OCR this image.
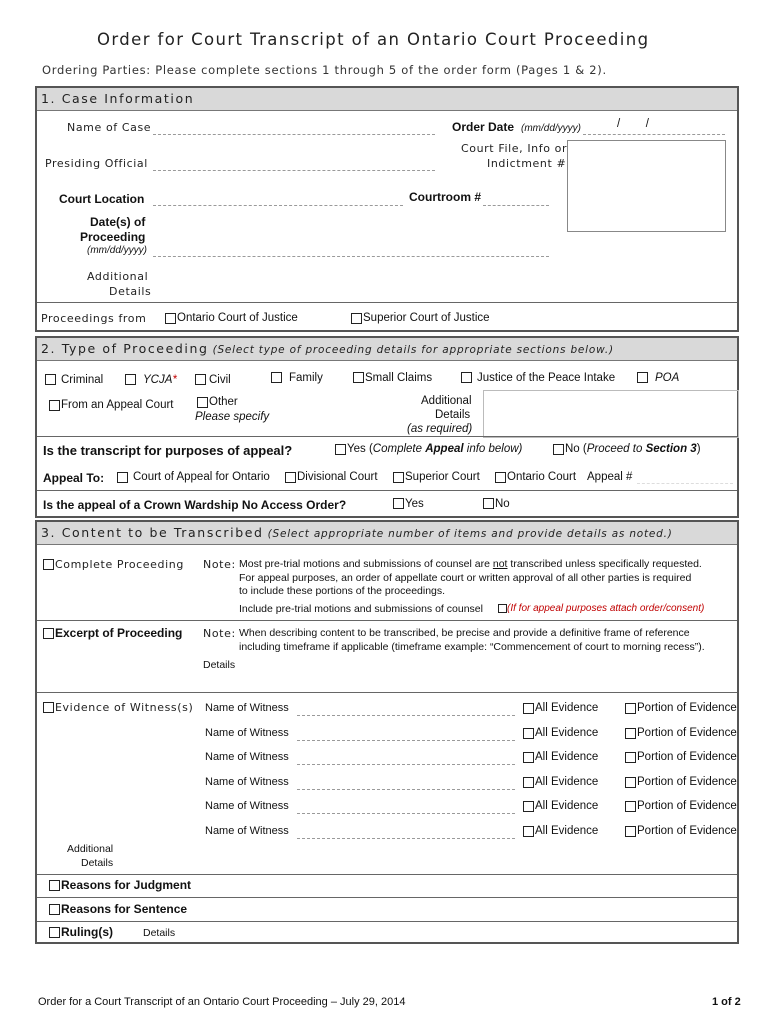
Order for Court Transcript of an Ontario Court Proceeding
Ordering Parties: Please complete sections 1 through 5 of the order form (Pages 1 & 2).
1. Case Information
Name of Case	Order Date (mm/dd/yyyy)	/        /
Court File, Info or
Indictment #
Presiding Official
Court Location	Courtroom #
Date(s) of
Proceeding
(mm/dd/yyyy)
Additional
Details
Proceedings from	Ontario Court of Justice	Superior Court of Justice
2. Type of Proceeding (Select type of proceeding details for appropriate sections below.)
Criminal	YCJA*	Civil	Family	Small Claims	Justice of the Peace Intake	POA
From an Appeal Court	Other
Please specify
Additional
Details
(as required)
Is the transcript for purposes of appeal?	Yes (Complete Appeal info below)	No (Proceed to Section 3)
Appeal To:	Court of Appeal for Ontario Divisional Court Superior Court Ontario Court Appeal #
Is the appeal of a Crown Wardship No Access Order?	Yes	No
3. Content to be Transcribed (Select appropriate number of items and provide details as noted.)
Complete Proceeding Note: Most pre-trial motions and submissions of counsel are not transcribed unless specifically requested.
For appeal purposes, an order of appellate court or written approval of all other parties is required
to include these portions of the proceedings.
Include pre-trial motions and submissions of counsel (If for appeal purposes attach order/consent)
Excerpt of Proceeding Note: When describing content to be transcribed, be precise and provide a definitive frame of reference
including timeframe if applicable (timeframe example: “Commencement of court to morning recess”).
Details
Evidence of Witness(s) Name of Witness	All Evidence	Portion of Evidence
Name of Witness	All Evidence	Portion of Evidence
Name of Witness	All Evidence	Portion of Evidence
Name of Witness	All Evidence	Portion of Evidence
Name of Witness	All Evidence	Portion of Evidence
Name of Witness	All Evidence	Portion of Evidence
Additional
Details
Reasons for Judgment
Reasons for Sentence
Ruling(s)	Details
Order for a Court Transcript of an Ontario Court Proceeding – July 29, 2014	1 of 2
